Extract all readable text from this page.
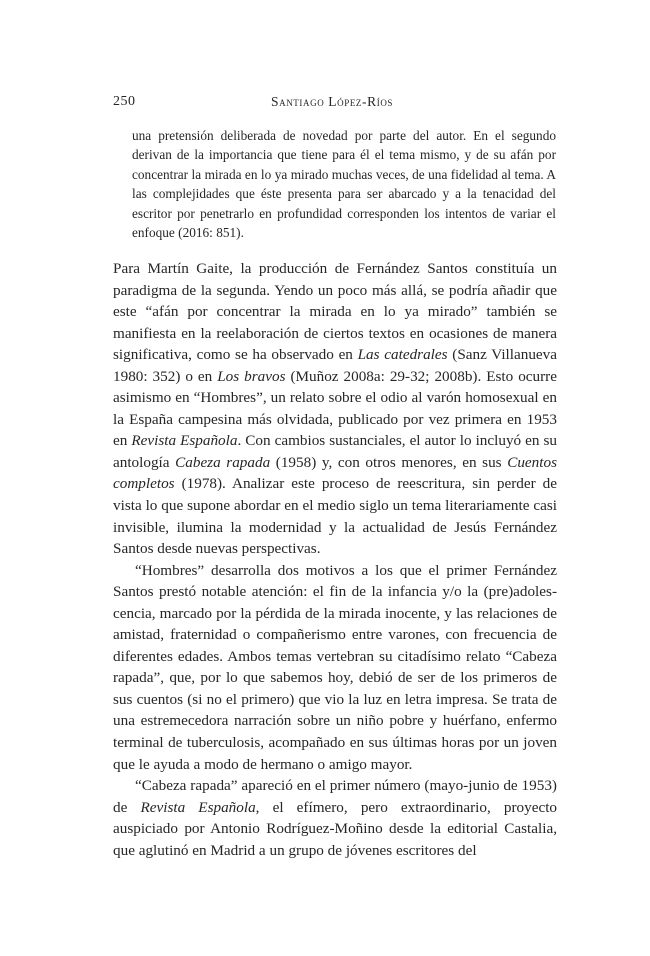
250	Santiago López-Ríos

una pretensión deliberada de novedad por parte del autor. En el segundo derivan de la importancia que tiene para él el tema mismo, y de su afán por concentrar la mirada en lo ya mirado muchas veces, de una fidelidad al tema. A las complejidades que éste presenta para ser abarcado y a la tenacidad del escritor por penetrarlo en profundidad corresponden los intentos de variar el enfoque (2016: 851).

Para Martín Gaite, la producción de Fernández Santos constituía un paradigma de la segunda. Yendo un poco más allá, se podría añadir que este “afán por concentrar la mirada en lo ya mirado” también se manifiesta en la reelaboración de ciertos textos en ocasiones de manera significativa, como se ha observado en Las catedrales (Sanz Villanueva 1980: 352) o en Los bravos (Muñoz 2008a: 29-32; 2008b). Esto ocurre asimismo en “Hombres”, un relato sobre el odio al varón homosexual en la España campesina más olvidada, publicado por vez primera en 1953 en Revista Española. Con cambios sustanciales, el autor lo incluyó en su antología Cabeza rapada (1958) y, con otros menores, en sus Cuentos completos (1978). Analizar este proceso de reescritura, sin perder de vista lo que supone abordar en el medio siglo un tema literariamente casi invisible, ilumina la modernidad y la actualidad de Jesús Fernández Santos desde nuevas perspectivas.

“Hombres” desarrolla dos motivos a los que el primer Fernández Santos prestó notable atención: el fin de la infancia y/o la (pre)adolescencia, marcado por la pérdida de la mirada inocente, y las relaciones de amistad, fraternidad o compañerismo entre varones, con frecuencia de diferentes edades. Ambos temas vertebran su citadísimo relato “Cabeza rapada”, que, por lo que sabemos hoy, debió de ser de los primeros de sus cuentos (si no el primero) que vio la luz en letra impresa. Se trata de una estremecedora narración sobre un niño pobre y huérfano, enfermo terminal de tuberculosis, acompañado en sus últimas horas por un joven que le ayuda a modo de hermano o amigo mayor.

“Cabeza rapada” apareció en el primer número (mayo-junio de 1953) de Revista Española, el efímero, pero extraordinario, proyecto auspiciado por Antonio Rodríguez-Moñino desde la editorial Castalia, que aglutinó en Madrid a un grupo de jóvenes escritores del
